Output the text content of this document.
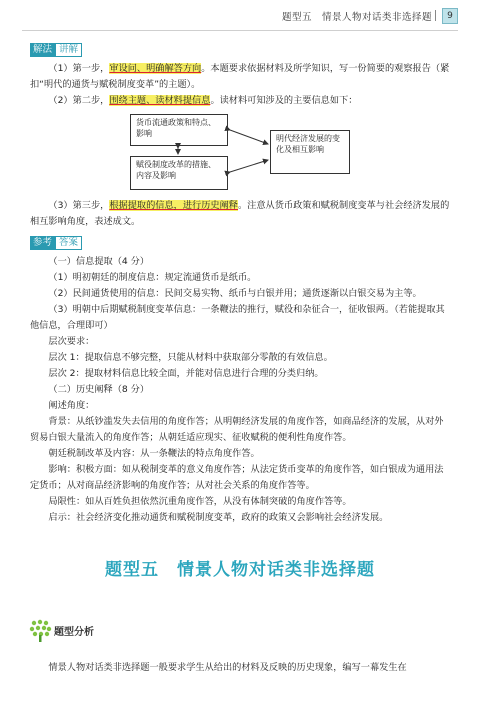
题型五　情景人物对话类非选择题	9
解法 讲解

（1）第一步，审设问、明确解答方向。本题要求依据材料及所学知识，写一份简要的观察报告（紧扣“明代的通货与赋税制度变革”的主题）。

（2）第二步，围绕主题、读材料提信息。读材料可知涉及的主要信息如下：

货币流通政策和特点、影响
赋役制度改革的措施、内容及影响
明代经济发展的变化及相互影响

（3）第三步，根据提取的信息，进行历史阐释。注意从货币政策和赋税制度变革与社会经济发展的相互影响角度，表述成文。

参考 答案

（一）信息提取（4 分）

（1）明初朝廷的制度信息：规定流通货币是纸币。

（2）民间通货使用的信息：民间交易实物、纸币与白银并用；通货逐渐以白银交易为主等。

（3）明朝中后期赋税制度变革信息：一条鞭法的推行，赋役和杂征合一，征收银两。（若能提取其他信息，合理即可）

层次要求：

层次 1：提取信息不够完整，只能从材料中获取部分零散的有效信息。

层次 2：提取材料信息比较全面，并能对信息进行合理的分类归纳。

（二）历史阐释（8 分）

阐述角度：

背景：从纸钞滥发失去信用的角度作答；从明朝经济发展的角度作答，如商品经济的发展，从对外贸易白银大量流入的角度作答；从朝廷适应现实、征收赋税的便利性角度作答。

朝廷税制改革及内容：从一条鞭法的特点角度作答。

影响：积极方面：如从税制变革的意义角度作答；从法定货币变革的角度作答，如白银成为通用法定货币；从对商品经济影响的角度作答；从对社会关系的角度作答等。

局限性：如从百姓负担依然沉重角度作答，从没有体制突破的角度作答等。

启示：社会经济变化推动通货和赋税制度变革，政府的政策又会影响社会经济发展。

题型五　情景人物对话类非选择题
题型分析

情景人物对话类非选择题一般要求学生从给出的材料及反映的历史现象，编写一幕发生在
